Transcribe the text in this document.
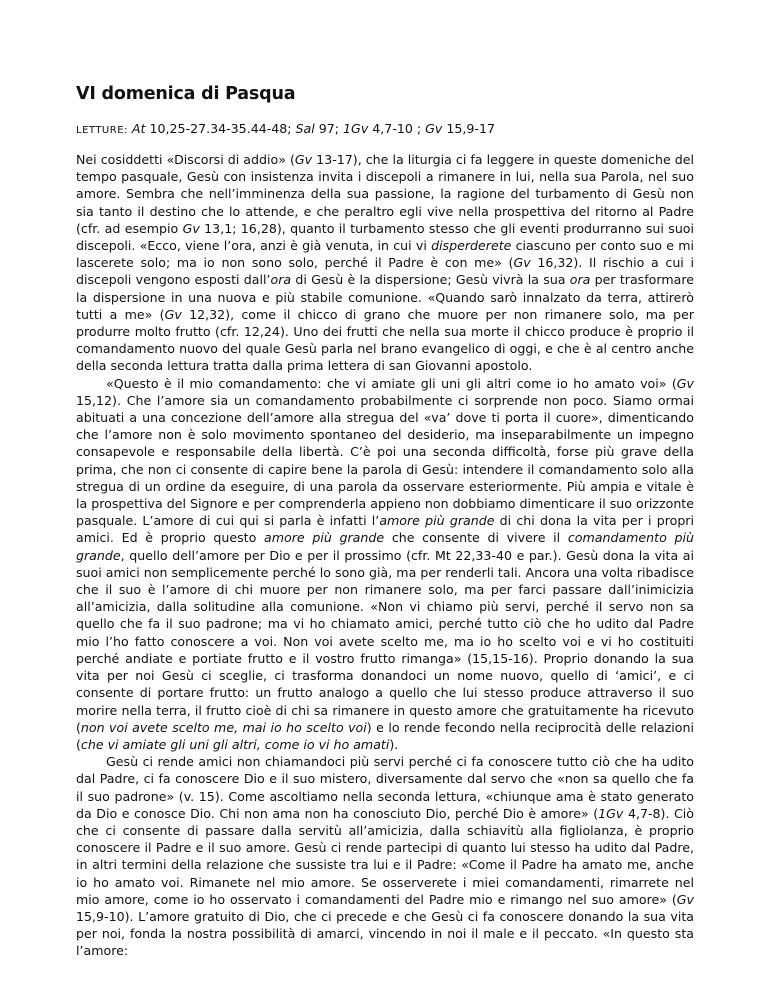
VI domenica di Pasqua
LETTURE: At 10,25-27.34-35.44-48; Sal 97; 1Gv 4,7-10 ; Gv 15,9-17

Nei cosiddetti «Discorsi di addio» (Gv 13-17), che la liturgia ci fa leggere in queste domeniche del tempo pasquale, Gesù con insistenza invita i discepoli a rimanere in lui, nella sua Parola, nel suo amore. Sembra che nell’imminenza della sua passione, la ragione del turbamento di Gesù non sia tanto il destino che lo attende, e che peraltro egli vive nella prospettiva del ritorno al Padre (cfr. ad esempio Gv 13,1; 16,28), quanto il turbamento stesso che gli eventi produrranno sui suoi discepoli. «Ecco, viene l’ora, anzi è già venuta, in cui vi disperderete ciascuno per conto suo e mi lascerete solo; ma io non sono solo, perché il Padre è con me» (Gv 16,32). Il rischio a cui i discepoli vengono esposti dall’ora di Gesù è la dispersione; Gesù vivrà la sua ora per trasformare la dispersione in una nuova e più stabile comunione. «Quando sarò innalzato da terra, attirerò tutti a me» (Gv 12,32), come il chicco di grano che muore per non rimanere solo, ma per produrre molto frutto (cfr. 12,24). Uno dei frutti che nella sua morte il chicco produce è proprio il comandamento nuovo del quale Gesù parla nel brano evangelico di oggi, e che è al centro anche della seconda lettura tratta dalla prima lettera di san Giovanni apostolo.

«Questo è il mio comandamento: che vi amiate gli uni gli altri come io ho amato voi» (Gv 15,12). Che l’amore sia un comandamento probabilmente ci sorprende non poco. Siamo ormai abituati a una concezione dell’amore alla stregua del «va’ dove ti porta il cuore», dimenticando che l’amore non è solo movimento spontaneo del desiderio, ma inseparabilmente un impegno consapevole e responsabile della libertà. C’è poi una seconda difficoltà, forse più grave della prima, che non ci consente di capire bene la parola di Gesù: intendere il comandamento solo alla stregua di un ordine da eseguire, di una parola da osservare esteriormente. Più ampia e vitale è la prospettiva del Signore e per comprenderla appieno non dobbiamo dimenticare il suo orizzonte pasquale. L’amore di cui qui si parla è infatti l’amore più grande di chi dona la vita per i propri amici. Ed è proprio questo amore più grande che consente di vivere il comandamento più grande, quello dell’amore per Dio e per il prossimo (cfr. Mt 22,33-40 e par.). Gesù dona la vita ai suoi amici non semplicemente perché lo sono già, ma per renderli tali. Ancora una volta ribadisce che il suo è l’amore di chi muore per non rimanere solo, ma per farci passare dall’inimicizia all’amicizia, dalla solitudine alla comunione. «Non vi chiamo più servi, perché il servo non sa quello che fa il suo padrone; ma vi ho chiamato amici, perché tutto ciò che ho udito dal Padre mio l’ho fatto conoscere a voi. Non voi avete scelto me, ma io ho scelto voi e vi ho costituiti perché andiate e portiate frutto e il vostro frutto rimanga» (15,15-16). Proprio donando la sua vita per noi Gesù ci sceglie, ci trasforma donandoci un nome nuovo, quello di ‘amici’, e ci consente di portare frutto: un frutto analogo a quello che lui stesso produce attraverso il suo morire nella terra, il frutto cioè di chi sa rimanere in questo amore che gratuitamente ha ricevuto (non voi avete scelto me, mai io ho scelto voi) e lo rende fecondo nella reciprocità delle relazioni (che vi amiate gli uni gli altri, come io vi ho amati).

Gesù ci rende amici non chiamandoci più servi perché ci fa conoscere tutto ciò che ha udito dal Padre, ci fa conoscere Dio e il suo mistero, diversamente dal servo che «non sa quello che fa il suo padrone» (v. 15). Come ascoltiamo nella seconda lettura, «chiunque ama è stato generato da Dio e conosce Dio. Chi non ama non ha conosciuto Dio, perché Dio è amore» (1Gv 4,7-8). Ciò che ci consente di passare dalla servitù all’amicizia, dalla schiavitù alla figliolanza, è proprio conoscere il Padre e il suo amore. Gesù ci rende partecipi di quanto lui stesso ha udito dal Padre, in altri termini della relazione che sussiste tra lui e il Padre: «Come il Padre ha amato me, anche io ho amato voi. Rimanete nel mio amore. Se osserverete i miei comandamenti, rimarrete nel mio amore, come io ho osservato i comandamenti del Padre mio e rimango nel suo amore» (Gv 15,9-10). L’amore gratuito di Dio, che ci precede e che Gesù ci fa conoscere donando la sua vita per noi, fonda la nostra possibilità di amarci, vincendo in noi il male e il peccato. «In questo sta l’amore:
